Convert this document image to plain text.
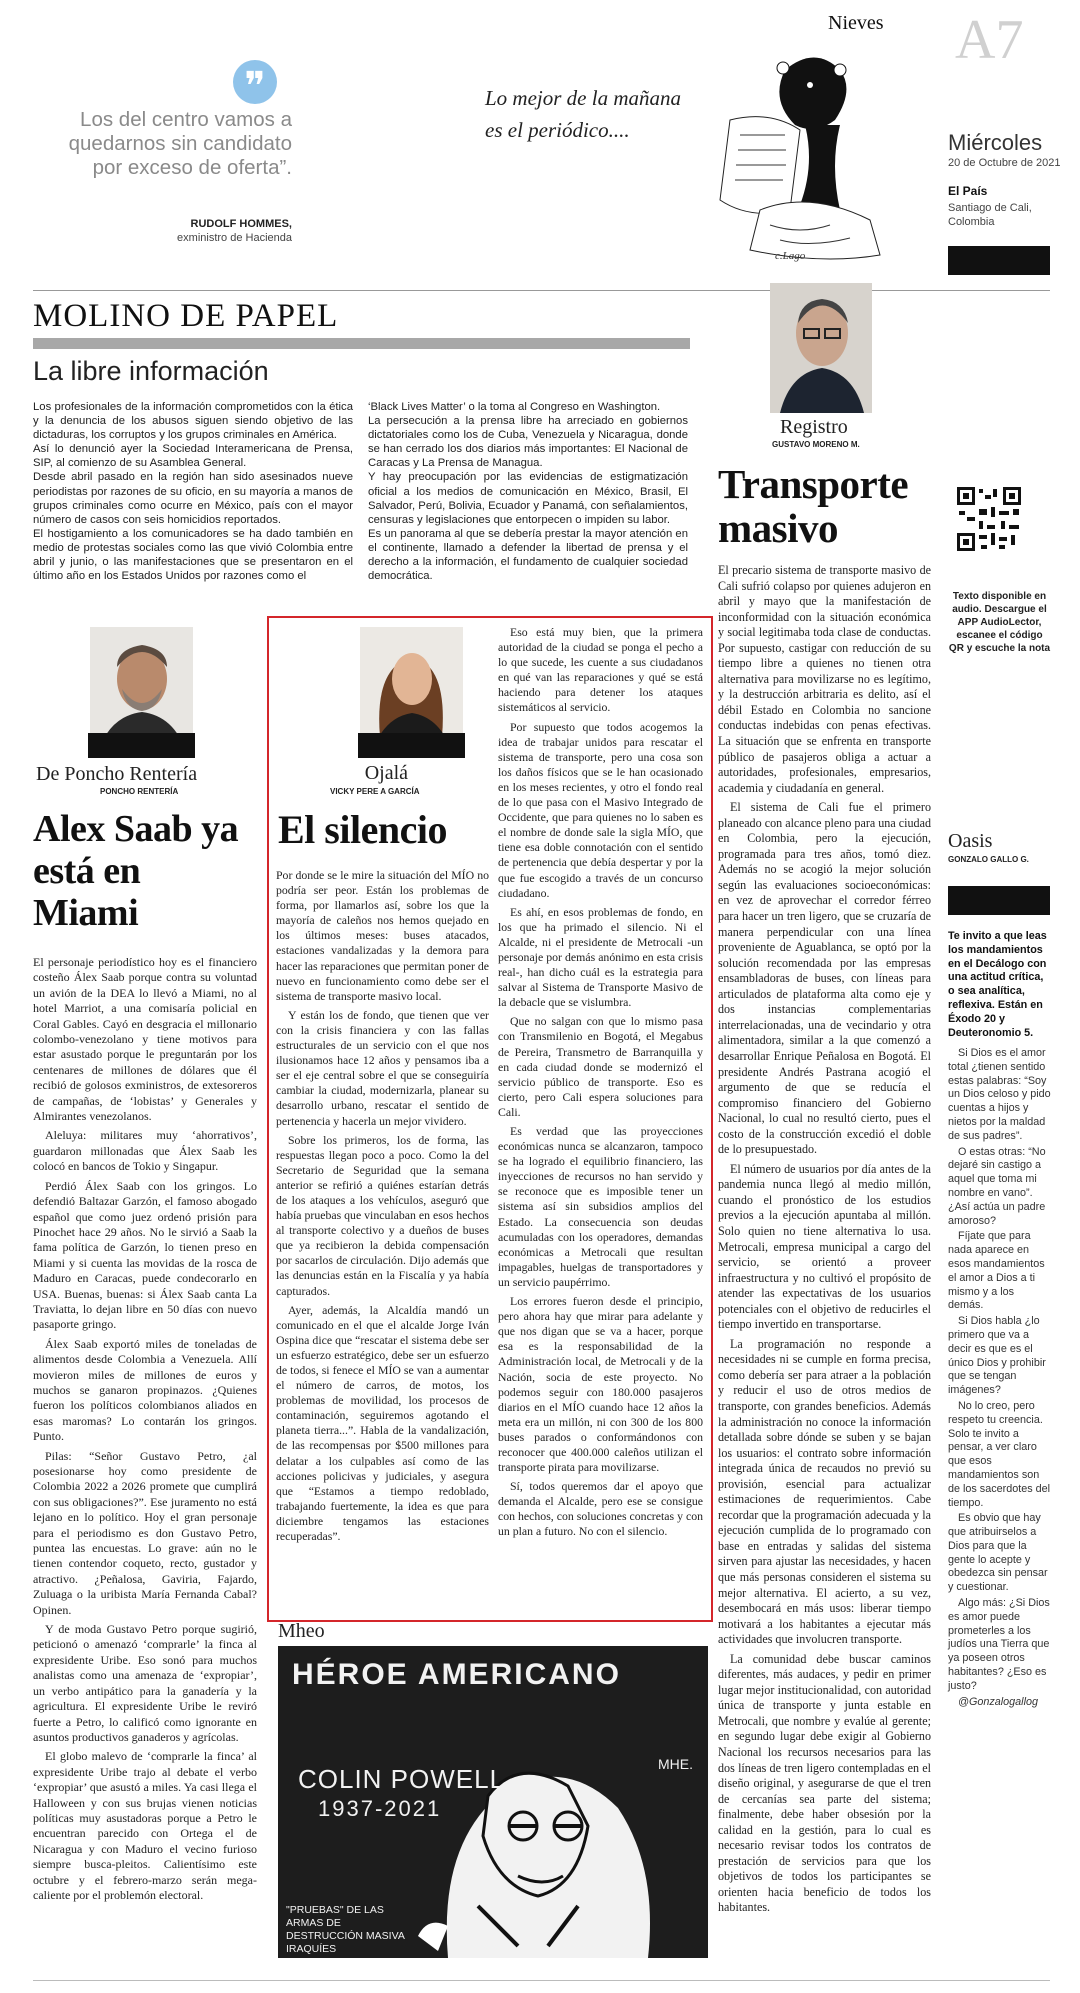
A7
Miércoles
20 de Octubre de 2021
El País
Santiago de Cali, Colombia
Nieves
Lo mejor de la mañana es el periódico....
c.Lago
❞
Los del centro vamos a quedarnos sin candidato por exceso de oferta”.
RUDOLF HOMMES,
exministro de Hacienda
MOLINO DE PAPEL
La libre información
Los profesionales de la información comprometidos con la ética y la denuncia de los abusos siguen siendo objetivo de las dictaduras, los corruptos y los grupos criminales en América.
Así lo denunció ayer la Sociedad Interamericana de Prensa, SIP, al comienzo de su Asamblea General.
Desde abril pasado en la región han sido asesinados nueve periodistas por razones de su oficio, en su mayoría a manos de grupos criminales como ocurre en México, país con el mayor número de casos con seis homicidios reportados.
El hostigamiento a los comunicadores se ha dado también en medio de protestas sociales como las que vivió Colombia entre abril y junio, o las manifestaciones que se presentaron en el último año en los Estados Unidos por razones como el
‘Black Lives Matter’ o la toma al Congreso en Washington.
La persecución a la prensa libre ha arreciado en gobiernos dictatoriales como los de Cuba, Venezuela y Nicaragua, donde se han cerrado los dos diarios más importantes: El Nacional de Caracas y La Prensa de Managua.
Y hay preocupación por las evidencias de estigmatización oficial a los medios de comunicación en México, Brasil, El Salvador, Perú, Bolivia, Ecuador y Panamá, con señalamientos, censuras y legislaciones que entorpecen o impiden su labor.
Es un panorama al que se debería prestar la mayor atención en el continente, llamado a defender la libertad de prensa y el derecho a la información, el fundamento de cualquier sociedad democrática.
Registro
GUSTAVO MORENO M.
Transporte masivo

El precario sistema de transporte masivo de Cali sufrió colapso por quienes adujeron en abril y mayo que la manifestación de inconformidad con la situación económica y social legitimaba toda clase de conductas. Por supuesto, castigar con reducción de su tiempo libre a quienes no tienen otra alternativa para movilizarse no es legítimo, y la destrucción arbitraria es delito, así el débil Estado en Colombia no sancione conductas indebidas con penas efectivas. La situación que se enfrenta en transporte público de pasajeros obliga a actuar a autoridades, profesionales, empresarios, academia y ciudadanía en general.

El sistema de Cali fue el primero planeado con alcance pleno para una ciudad en Colombia, pero la ejecución, programada para tres años, tomó diez. Además no se acogió la mejor solución según las evaluaciones socioeconómicas: en vez de aprovechar el corredor férreo para hacer un tren ligero, que se cruzaría de manera perpendicular con una línea proveniente de Aguablanca, se optó por la solución recomendada por las empresas ensambladoras de buses, con líneas para articulados de plataforma alta como eje y dos instancias complementarias interrelacionadas, una de vecindario y otra alimentadora, similar a la que comenzó a desarrollar Enrique Peñalosa en Bogotá. El presidente Andrés Pastrana acogió el argumento de que se reducía el compromiso financiero del Gobierno Nacional, lo cual no resultó cierto, pues el costo de la construcción excedió el doble de lo presupuestado.

El número de usuarios por día antes de la pandemia nunca llegó al medio millón, cuando el pronóstico de los estudios previos a la ejecución apuntaba al millón. Solo quien no tiene alternativa lo usa. Metrocali, empresa municipal a cargo del servicio, se orientó a proveer infraestructura y no cultivó el propósito de atender las expectativas de los usuarios potenciales con el objetivo de reducirles el tiempo invertido en transportarse.

La programación no responde a necesidades ni se cumple en forma precisa, como debería ser para atraer a la población y reducir el uso de otros medios de transporte, con grandes beneficios. Además la administración no conoce la información detallada sobre dónde se suben y se bajan los usuarios: el contrato sobre información integrada única de recaudos no previó su provisión, esencial para actualizar estimaciones de requerimientos. Cabe recordar que la programación adecuada y la ejecución cumplida de lo programado con base en entradas y salidas del sistema sirven para ajustar las necesidades, y hacen que más personas consideren el sistema su mejor alternativa. El acierto, a su vez, desembocará en más usos: liberar tiempo motivará a los habitantes a ejecutar más actividades que involucren transporte.

La comunidad debe buscar caminos diferentes, más audaces, y pedir en primer lugar mejor institucionalidad, con autoridad única de transporte y junta estable en Metrocali, que nombre y evalúe al gerente; en segundo lugar debe exigir al Gobierno Nacional los recursos necesarios para las dos líneas de tren ligero contempladas en el diseño original, y asegurarse de que el tren de cercanías sea parte del sistema; finalmente, debe haber obsesión por la calidad en la gestión, para lo cual es necesario revisar todos los contratos de prestación de servicios para que los objetivos de todos los participantes se orienten hacia beneficio de todos los habitantes.

Texto disponible en audio. Descargue el APP AudioLector, escanee el código QR y escuche la nota
Oasis
GONZALO GALLO G.
Te invito a que leas los mandamientos en el Decálogo con una actitud crítica, o sea analítica, reflexiva. Están en Éxodo 20 y Deuteronomio 5.

Si Dios es el amor total ¿tienen sentido estas palabras: “Soy un Dios celoso y pido cuentas a hijos y nietos por la maldad de sus padres”.

O estas otras: “No dejaré sin castigo a aquel que toma mi nombre en vano”. ¿Así actúa un padre amoroso?

Fíjate que para nada aparece en esos mandamientos el amor a Dios a ti mismo y a los demás.

Si Dios habla ¿lo primero que va a decir es que es el único Dios y prohibir que se tengan imágenes?

No lo creo, pero respeto tu creencia. Solo te invito a pensar, a ver claro que esos mandamientos son de los sacerdotes del tiempo.

Es obvio que hay que atribuirselos a Dios para que la gente lo acepte y obedezca sin pensar y cuestionar.

Algo más: ¿Si Dios es amor puede prometerles a los judíos una Tierra que ya poseen otros habitantes? ¿Eso es justo?

@Gonzalogallog

De Poncho Rentería
PONCHO RENTERÍA
Alex Saab ya está en Miami

El personaje periodístico hoy es el financiero costeño Álex Saab porque contra su voluntad un avión de la DEA lo llevó a Miami, no al hotel Marriot, a una comisaría policial en Coral Gables. Cayó en desgracia el millonario colombo-venezolano y tiene motivos para estar asustado porque le preguntarán por los centenares de millones de dólares que él recibió de golosos exministros, de extesoreros de campañas, de ‘lobistas’ y Generales y Almirantes venezolanos.

Aleluya: militares muy ‘ahorrativos’, guardaron millonadas que Álex Saab les colocó en bancos de Tokio y Singapur.

Perdió Álex Saab con los gringos. Lo defendió Baltazar Garzón, el famoso abogado español que como juez ordenó prisión para Pinochet hace 29 años. No le sirvió a Saab la fama política de Garzón, lo tienen preso en Miami y si cuenta las movidas de la rosca de Maduro en Caracas, puede condecorarlo en USA. Buenas, buenas: si Álex Saab canta La Traviatta, lo dejan libre en 50 días con nuevo pasaporte gringo.

Álex Saab exportó miles de toneladas de alimentos desde Colombia a Venezuela. Allí movieron miles de millones de euros y muchos se ganaron propinazos. ¿Quienes fueron los políticos colombianos aliados en esas maromas? Lo contarán los gringos. Punto.

Pilas: “Señor Gustavo Petro, ¿al posesionarse hoy como presidente de Colombia 2022 a 2026 promete que cumplirá con sus obligaciones?”. Ese juramento no está lejano en lo político. Hoy el gran personaje para el periodismo es don Gustavo Petro, puntea las encuestas. Lo grave: aún no le tienen contendor coqueto, recto, gustador y atractivo. ¿Peñalosa, Gaviria, Fajardo, Zuluaga o la uribista María Fernanda Cabal? Opinen.

Y de moda Gustavo Petro porque sugirió, peticionó o amenazó ‘comprarle’ la finca al expresidente Uribe. Eso sonó para muchos analistas como una amenaza de ‘expropiar’, un verbo antipático para la ganadería y la agricultura. El expresidente Uribe le reviró fuerte a Petro, lo calificó como ignorante en asuntos productivos ganaderos y agrícolas.

El globo malevo de ‘comprarle la finca’ al expresidente Uribe trajo al debate el verbo ‘expropiar’ que asustó a miles. Ya casi llega el Halloween y con sus brujas vienen noticias políticas muy asustadoras porque a Petro le encuentran parecido con Ortega el de Nicaragua y con Maduro el vecino furioso siempre busca-pleitos. Calientísimo este octubre y el febrero-marzo serán mega-caliente por el problemón electoral.

Ojalá
VICKY PERE A GARCÍA
El silencio

Por donde se le mire la situación del MÍO no podría ser peor. Están los problemas de forma, por llamarlos así, sobre los que la mayoría de caleños nos hemos quejado en los últimos meses: buses atacados, estaciones vandalizadas y la demora para hacer las reparaciones que permitan poner de nuevo en funcionamiento como debe ser el sistema de transporte masivo local.

Y están los de fondo, que tienen que ver con la crisis financiera y con las fallas estructurales de un servicio con el que nos ilusionamos hace 12 años y pensamos iba a ser el eje central sobre el que se conseguiría cambiar la ciudad, modernizarla, planear su desarrollo urbano, rescatar el sentido de pertenencia y hacerla un mejor vividero.

Sobre los primeros, los de forma, las respuestas llegan poco a poco. Como la del Secretario de Seguridad que la semana anterior se refirió a quiénes estarían detrás de los ataques a los vehículos, aseguró que había pruebas que vinculaban en esos hechos al transporte colectivo y a dueños de buses que ya recibieron la debida compensación por sacarlos de circulación. Dijo además que las denuncias están en la Fiscalía y ya había capturados.

Ayer, además, la Alcaldía mandó un comunicado en el que el alcalde Jorge Iván Ospina dice que “rescatar el sistema debe ser un esfuerzo estratégico, debe ser un esfuerzo de todos, si fenece el MÍO se van a aumentar el número de carros, de motos, los problemas de movilidad, los procesos de contaminación, seguiremos agotando el planeta tierra...”. Habla de la vandalización, de las recompensas por $500 millones para delatar a los culpables así como de las acciones policivas y judiciales, y asegura que “Estamos a tiempo redoblado, trabajando fuertemente, la idea es que para diciembre tengamos las estaciones recuperadas”.

Eso está muy bien, que la primera autoridad de la ciudad se ponga el pecho a lo que sucede, les cuente a sus ciudadanos en qué van las reparaciones y qué se está haciendo para detener los ataques sistemáticos al servicio.

Por supuesto que todos acogemos la idea de trabajar unidos para rescatar el sistema de transporte, pero una cosa son los daños físicos que se le han ocasionado en los meses recientes, y otro el fondo real de lo que pasa con el Masivo Integrado de Occidente, que para quienes no lo saben es el nombre de donde sale la sigla MÍO, que tiene esa doble connotación con el sentido de pertenencia que debía despertar y por la que fue escogido a través de un concurso ciudadano.

Es ahí, en esos problemas de fondo, en los que ha primado el silencio. Ni el Alcalde, ni el presidente de Metrocali -un personaje por demás anónimo en esta crisis real-, han dicho cuál es la estrategia para salvar al Sistema de Transporte Masivo de la debacle que se vislumbra.

Que no salgan con que lo mismo pasa con Transmilenio en Bogotá, el Megabus de Pereira, Transmetro de Barranquilla y en cada ciudad donde se modernizó el servicio público de transporte. Eso es cierto, pero Cali espera soluciones para Cali.

Es verdad que las proyecciones económicas nunca se alcanzaron, tampoco se ha logrado el equilibrio financiero, las inyecciones de recursos no han servido y se reconoce que es imposible tener un sistema así sin subsidios amplios del Estado. La consecuencia son deudas acumuladas con los operadores, demandas económicas a Metrocali que resultan impagables, huelgas de transportadores y un servicio paupérrimo.

Los errores fueron desde el principio, pero ahora hay que mirar para adelante y que nos digan que se va a hacer, porque esa es la responsabilidad de la Administración local, de Metrocali y de la Nación, socia de este proyecto. No podemos seguir con 180.000 pasajeros diarios en el MÍO cuando hace 12 años la meta era un millón, ni con 300 de los 800 buses parados o conformándonos con reconocer que 400.000 caleños utilizan el transporte pirata para movilizarse.

Sí, todos queremos dar el apoyo que demanda el Alcalde, pero ese se consigue con hechos, con soluciones concretas y con un plan a futuro. No con el silencio.

Mheo
HÉROE AMERICANO
COLIN POWELL
1937-2021
"PRUEBAS" DE LAS ARMAS DE DESTRUCCIÓN MASIVA IRAQUÍES
MHE.
